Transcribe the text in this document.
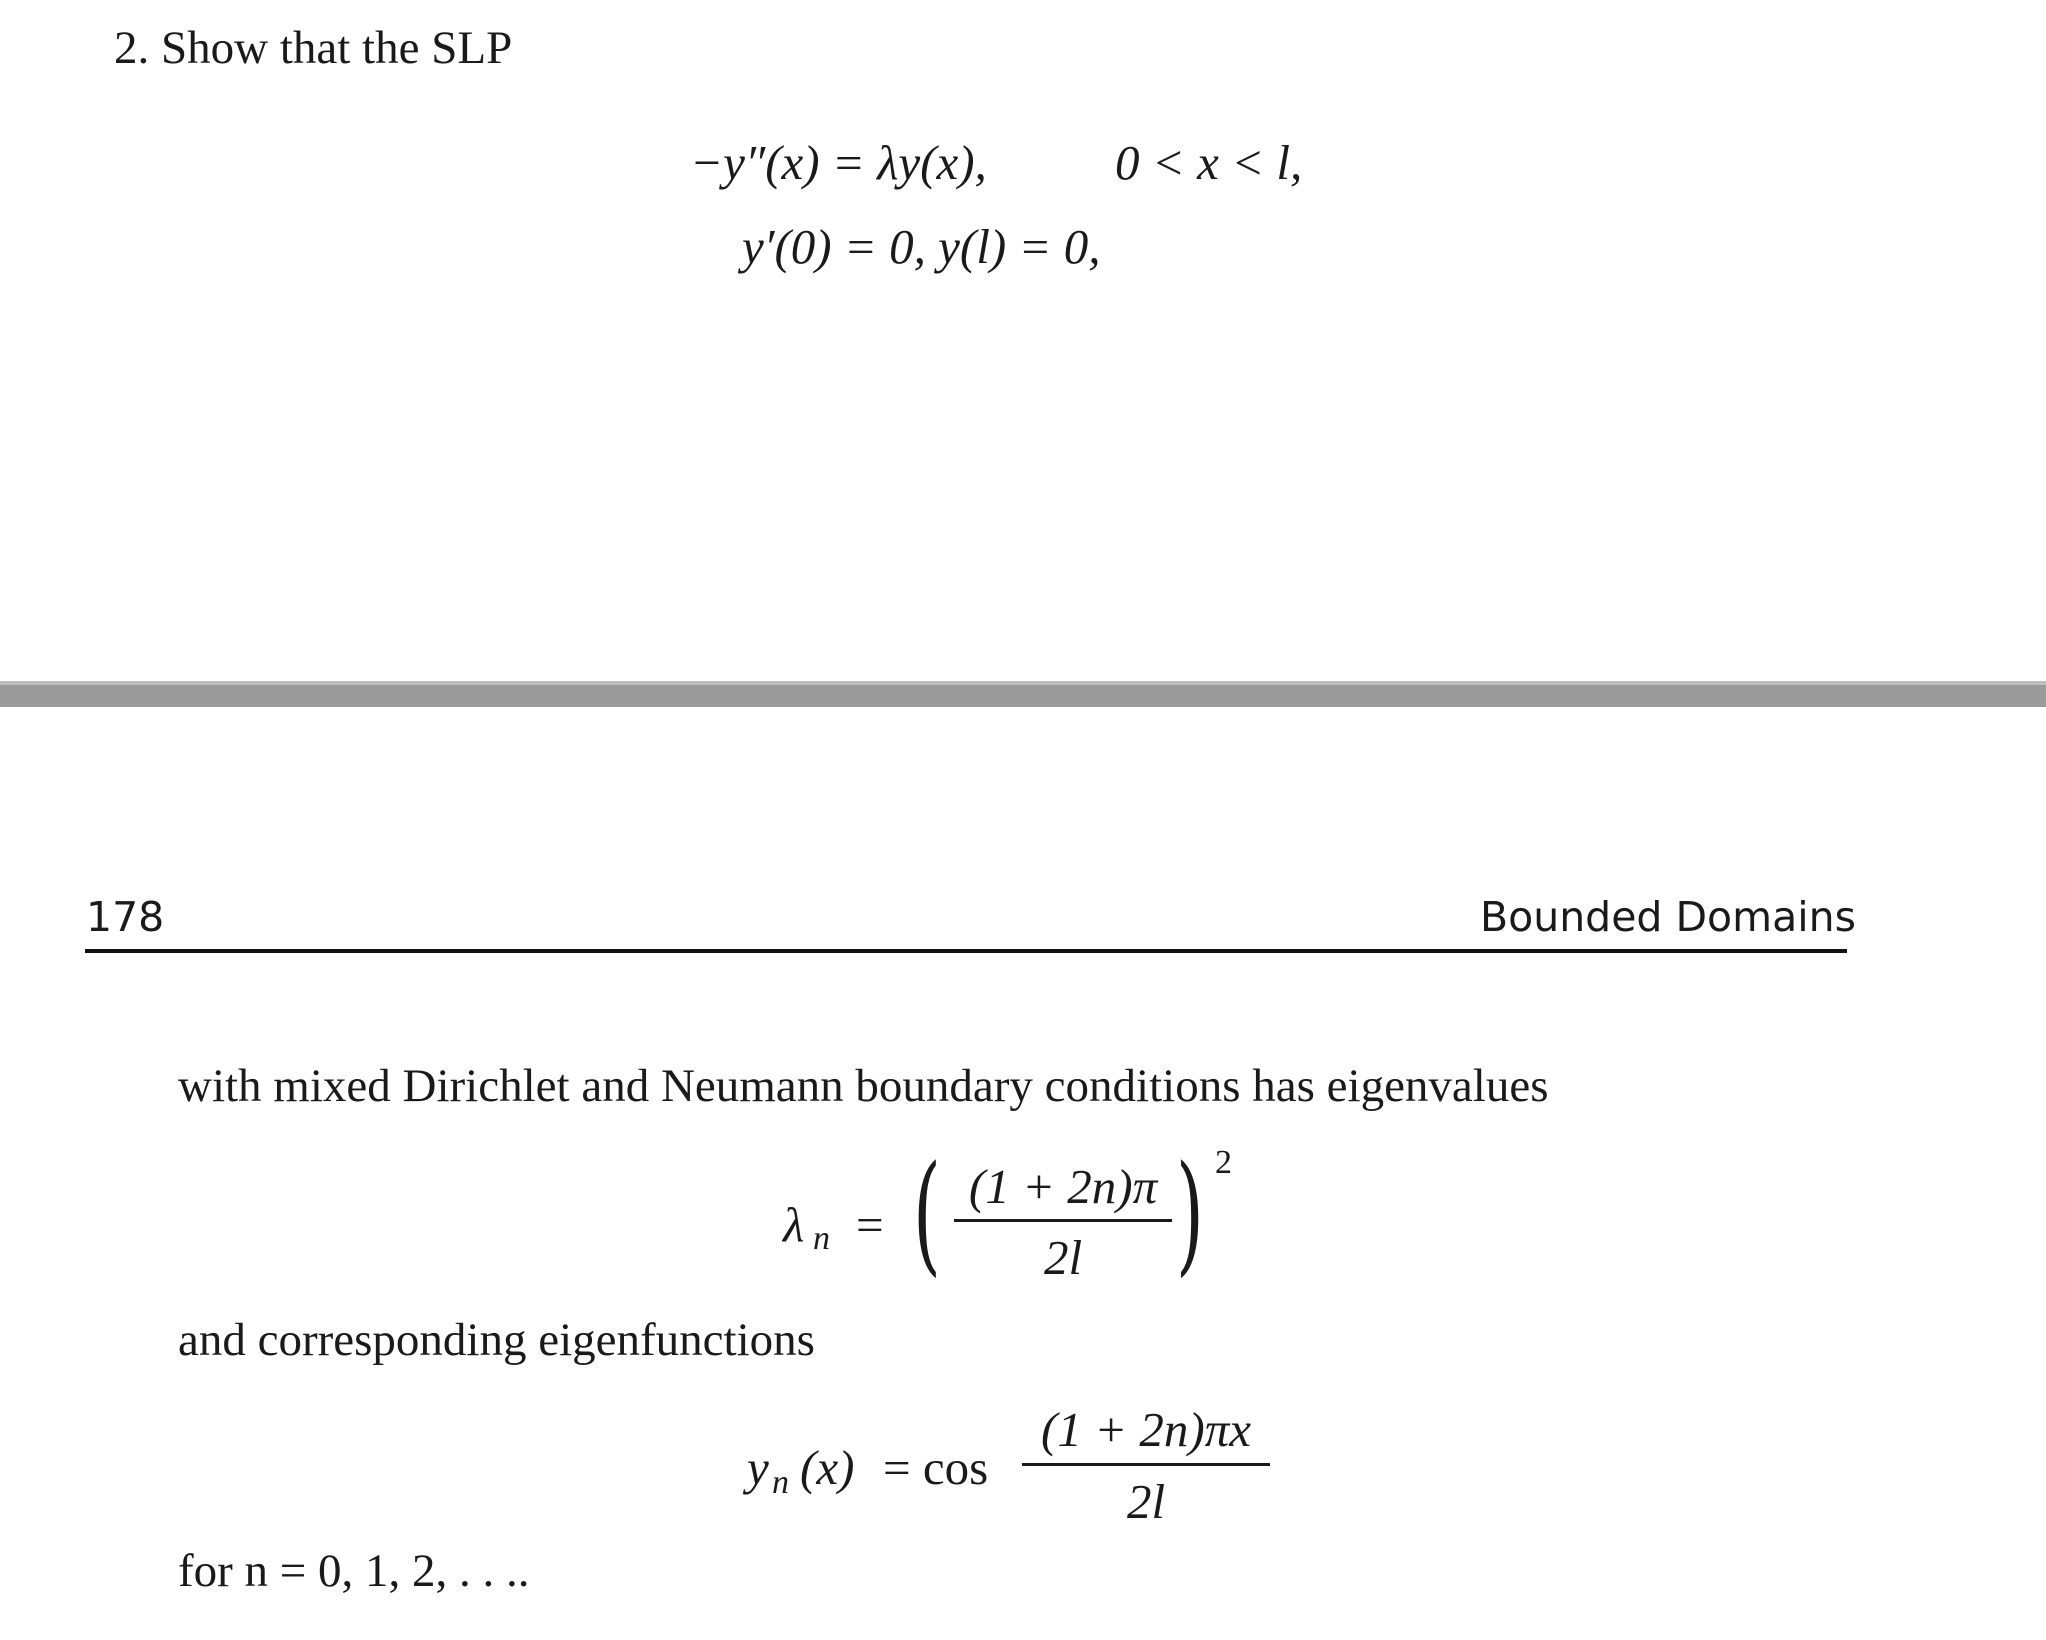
2. Show that the SLP
−y″(x) = λy(x),	0 < x < l,
y′(0) = 0, y(l) = 0,
178	Bounded Domains
with mixed Dirichlet and Neumann boundary conditions has eigenvalues
λ n = ( (1 + 2n)π
2l ) 2
and corresponding eigenfunctions
y n (x) = cos
(1 + 2n)πx
2l
for n = 0, 1, 2, . . ..
